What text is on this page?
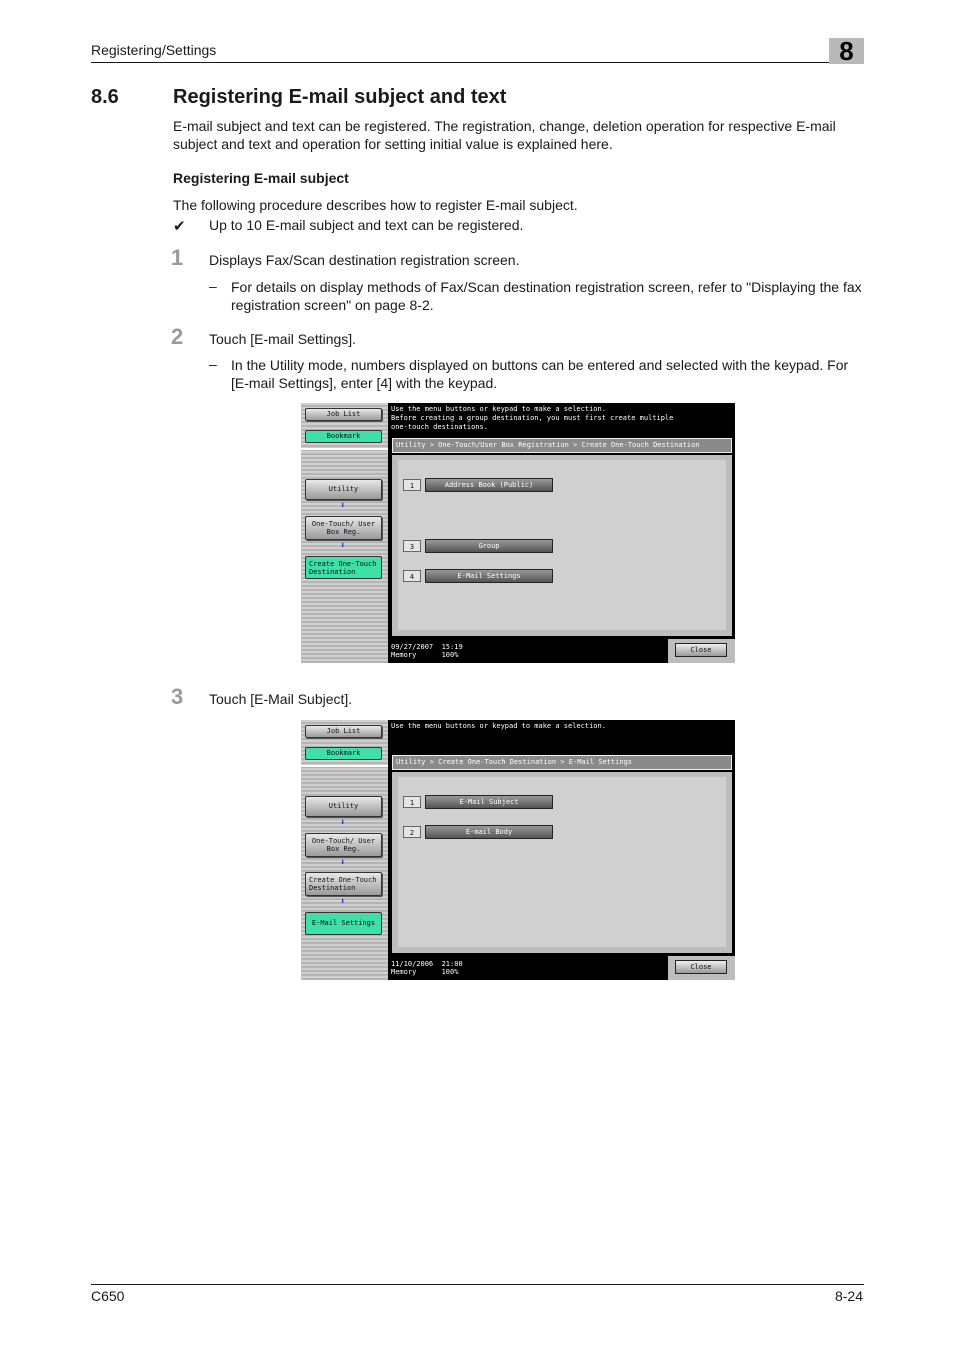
Registering/Settings	8
8.6	Registering E-mail subject and text
E-mail subject and text can be registered. The registration, change, deletion operation for respective E-mail subject and text and operation for setting initial value is explained here.
Registering E-mail subject
The following procedure describes how to register E-mail subject.
✔ Up to 10 E-mail subject and text can be registered.
1 Displays Fax/Scan destination registration screen.
– For details on display methods of Fax/Scan destination registration screen, refer to "Displaying the fax registration screen" on page 8-2.
2 Touch [E-mail Settings].
– In the Utility mode, numbers displayed on buttons can be entered and selected with the keypad. For [E-mail Settings], enter [4] with the keypad.
Job List
Bookmark
Utility
⬇
One-Touch/ User Box Reg.
⬇
Create One-Touch Destination
Use the menu buttons or keypad to make a selection.
Before creating a group destination, you must first create multiple
one-touch destinations.
Utility > One-Touch/User Box Registration > Create One-Touch Destination
1	Address Book (Public)
3	Group
4	E-Mail Settings
09/27/2007 15:19
Memory	100%
Close
3 Touch [E-Mail Subject].
Job List
Bookmark
Utility
⬇
One-Touch/ User Box Reg.
⬇
Create One-Touch Destination
⬇
E-Mail Settings
Use the menu buttons or keypad to make a selection.
Utility > Create One-Touch Destination > E-Mail Settings
1	E-Mail Subject
2	E-mail Body
11/10/2006 21:00
Memory	100%
Close
C650	8-24
